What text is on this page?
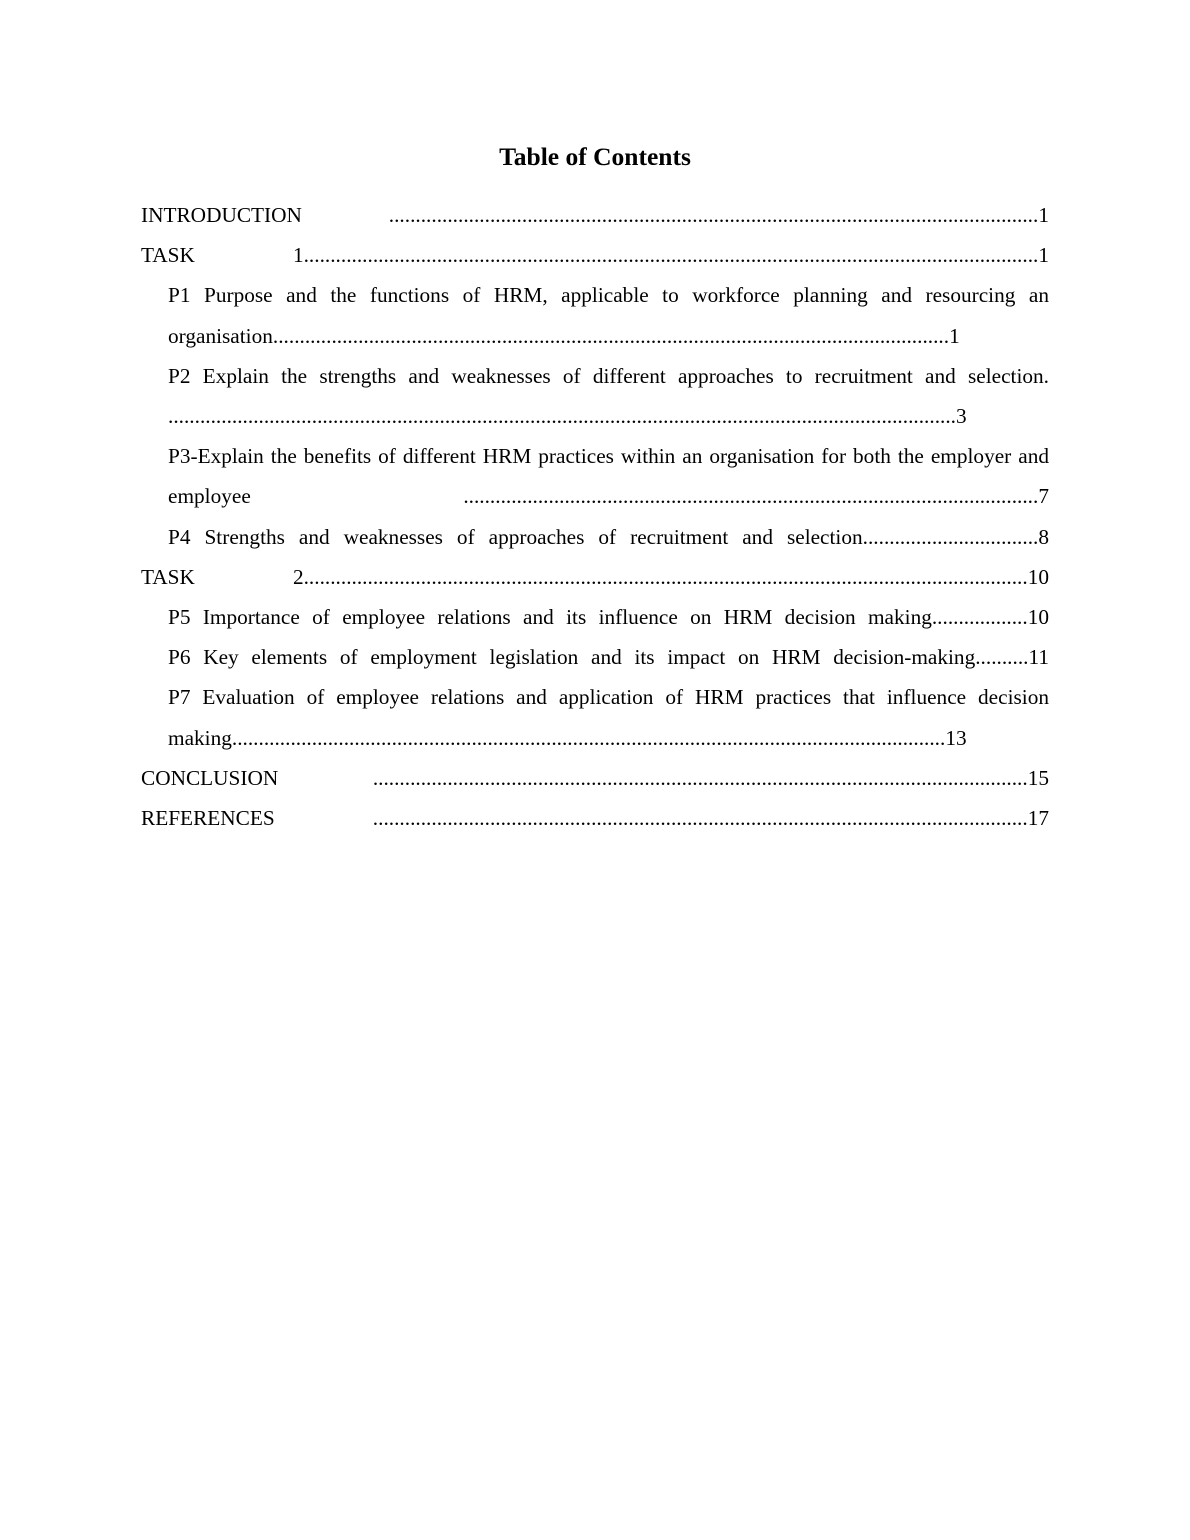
Table of Contents
INTRODUCTION ..........................................................................................................................1
TASK 1..........................................................................................................................................1
P1 Purpose and the functions of HRM, applicable to workforce planning and resourcing an organisation...............................................................................................................................1
P2 Explain the strengths and weaknesses of different approaches to recruitment and selection. ....................................................................................................................................................3
P3-Explain the benefits of different HRM practices within an organisation for both the employer and employee ............................................................................................................7
P4 Strengths and weaknesses of approaches of recruitment and selection.................................8
TASK 2........................................................................................................................................10
P5 Importance of employee relations and its influence on HRM decision making..................10
P6 Key elements of employment legislation and its impact on HRM decision-making..........11
P7 Evaluation of employee relations and application of HRM practices that influence decision making......................................................................................................................................13
CONCLUSION ...........................................................................................................................15
REFERENCES ...........................................................................................................................17
